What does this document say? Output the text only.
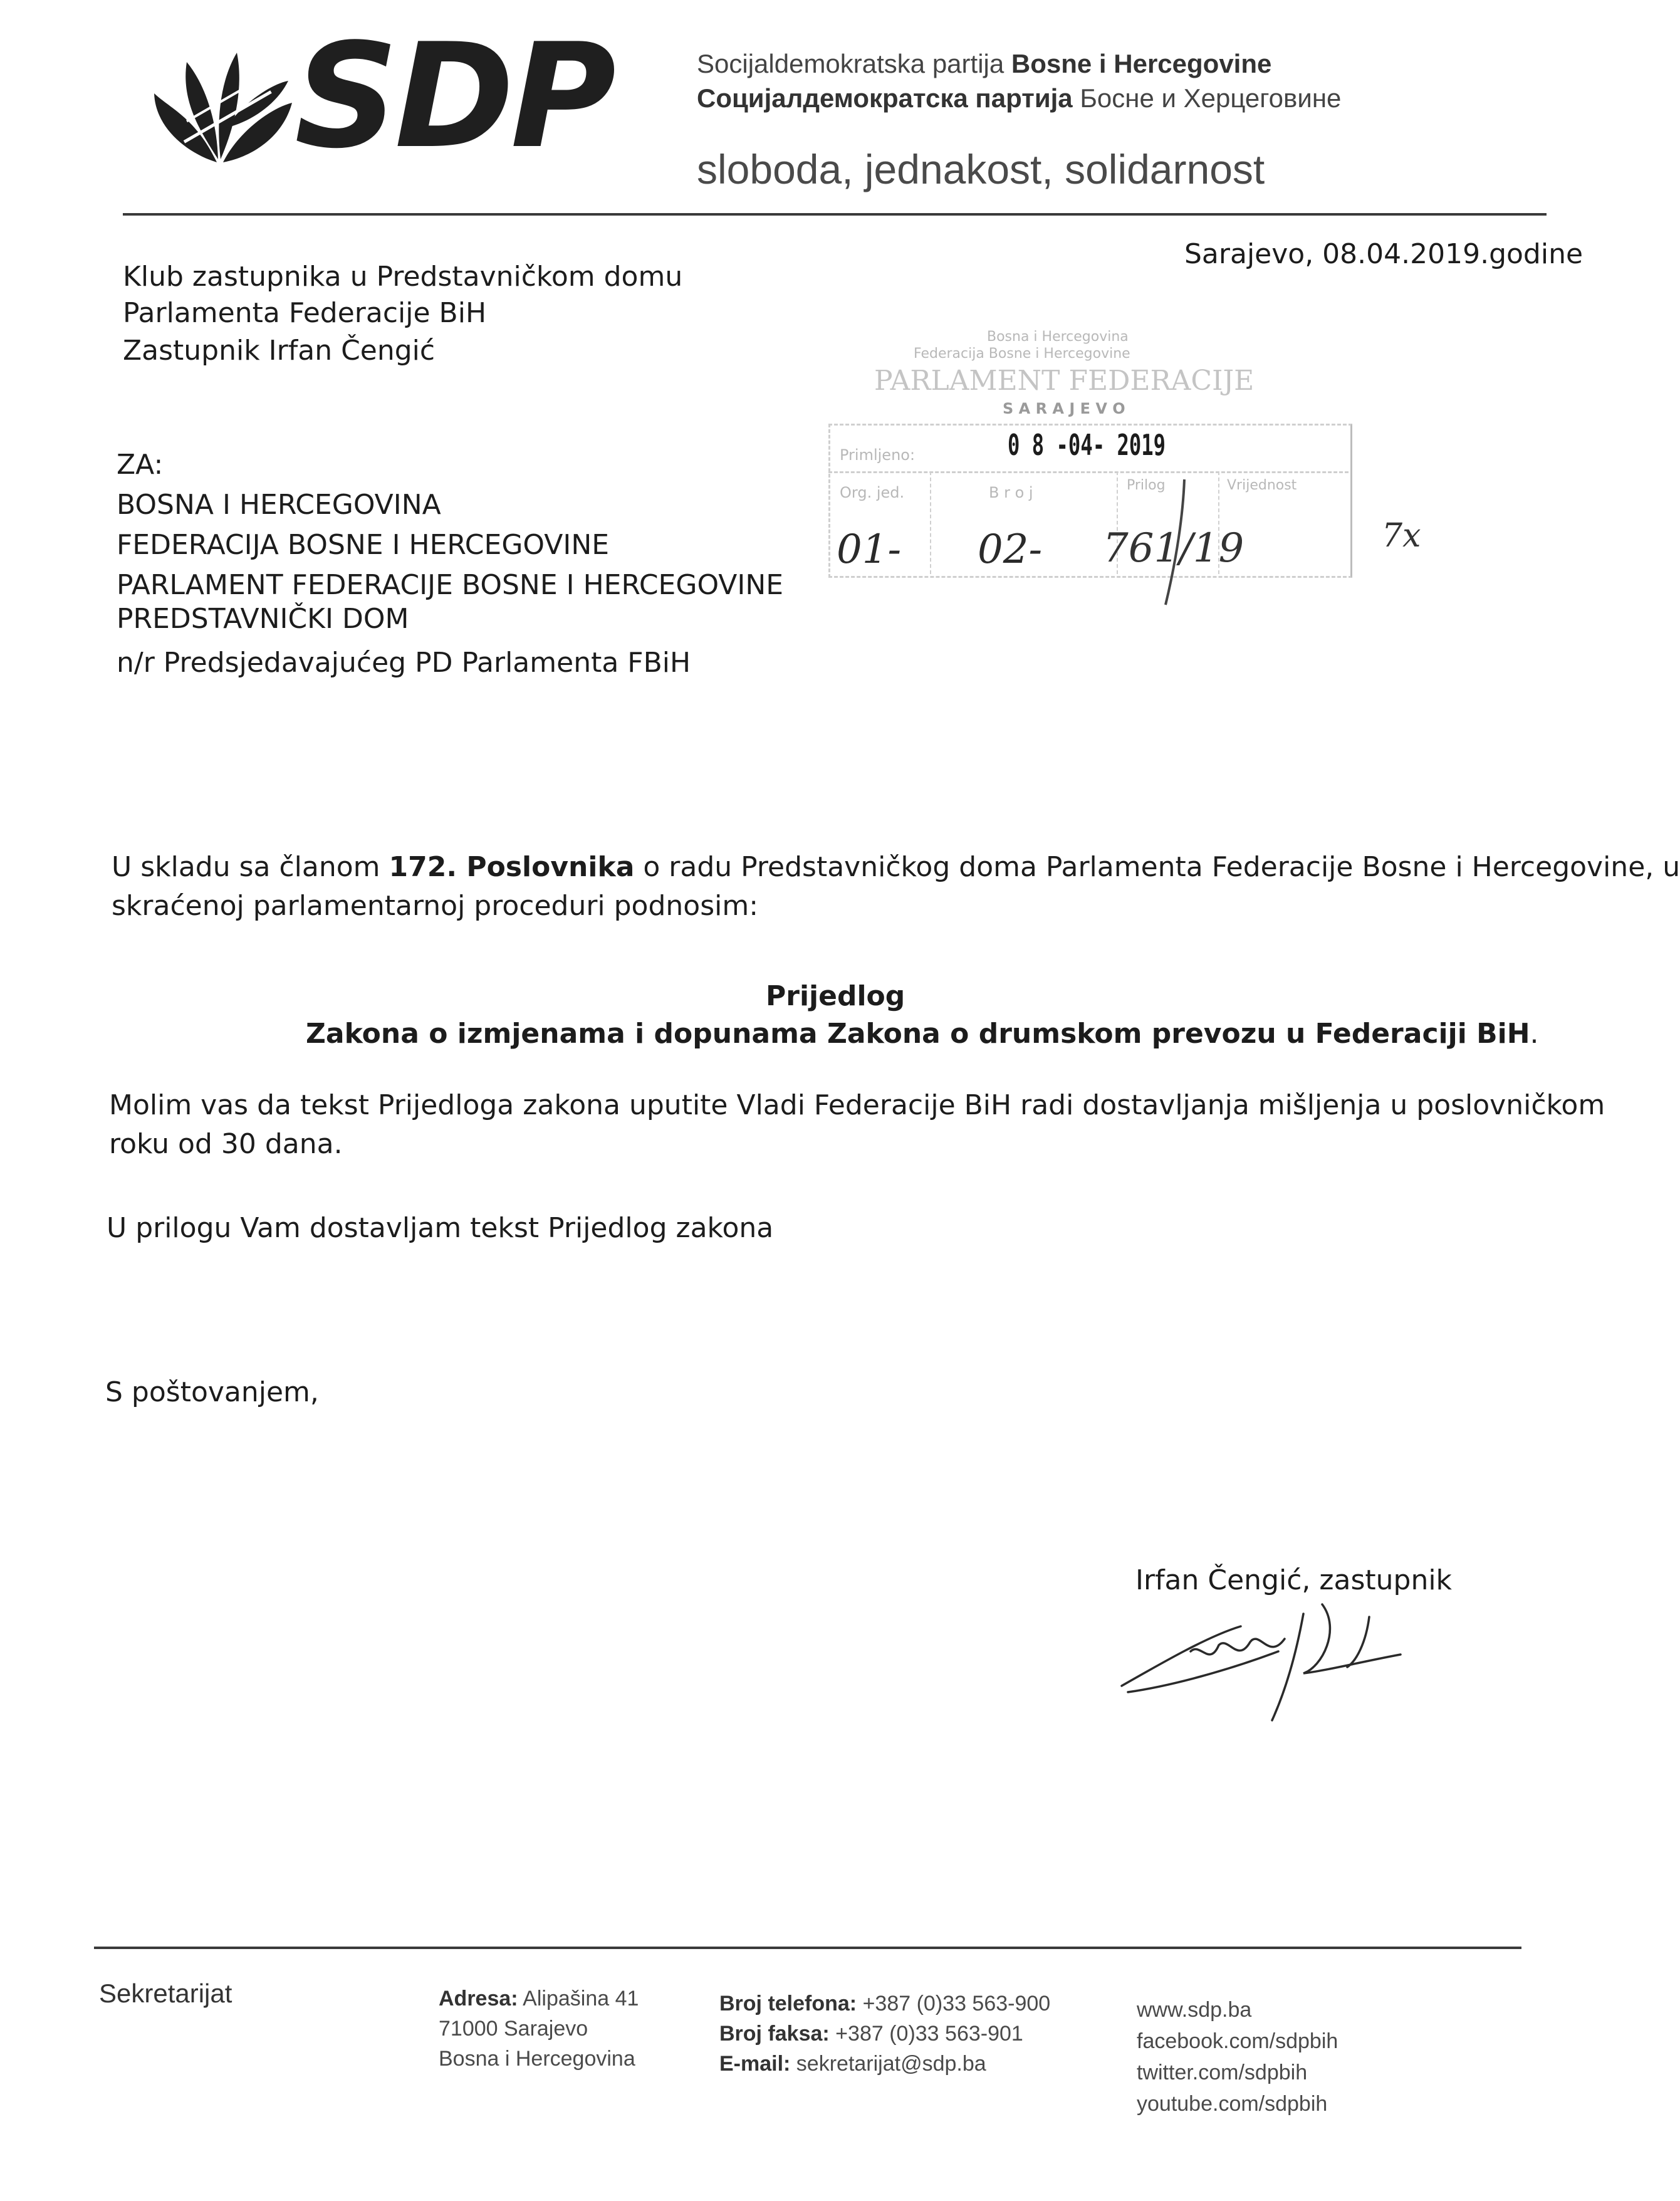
SDP	Socijaldemokratska partija Bosne i Hercegovine
Социјалдемократска партија Босне и Херцеговине
sloboda, jednakost, solidarnost
Sarajevo, 08.04.2019.godine
Klub zastupnika u Predstavničkom domu
Parlamenta Federacije BiH
Zastupnik Irfan Čengić	Bosna i Hercegovina
Federacija Bosne i Hercegovine
PARLAMENT FEDERACIJE
S A R A J E V O
Primljeno:	0 8 -04- 2019
Org. jed.	B r o j	Prilog	Vrijednost
01- 02- 761/19	7x
ZA:
BOSNA I HERCEGOVINA
FEDERACIJA BOSNE I HERCEGOVINE
PARLAMENT FEDERACIJE BOSNE I HERCEGOVINE
PREDSTAVNIČKI DOM
n/r Predsjedavajućeg PD Parlamenta FBiH
U skladu sa članom 172. Poslovnika o radu Predstavničkog doma Parlamenta Federacije Bosne i Hercegovine, u
skraćenoj parlamentarnoj proceduri podnosim:
Prijedlog
Zakona o izmjenama i dopunama Zakona o drumskom prevozu u Federaciji BiH.
Molim vas da tekst Prijedloga zakona uputite Vladi Federacije BiH radi dostavljanja mišljenja u poslovničkom
roku od 30 dana.
U prilogu Vam dostavljam tekst Prijedlog zakona
S poštovanjem,
Irfan Čengić, zastupnik
Sekretarijat	Adresa: Alipašina 41
71000 Sarajevo
Bosna i Hercegovina
Broj telefona: +387 (0)33 563-900
Broj faksa: +387 (0)33 563-901
E-mail: sekretarijat@sdp.ba
www.sdp.ba
facebook.com/sdpbih
twitter.com/sdpbih
youtube.com/sdpbih
